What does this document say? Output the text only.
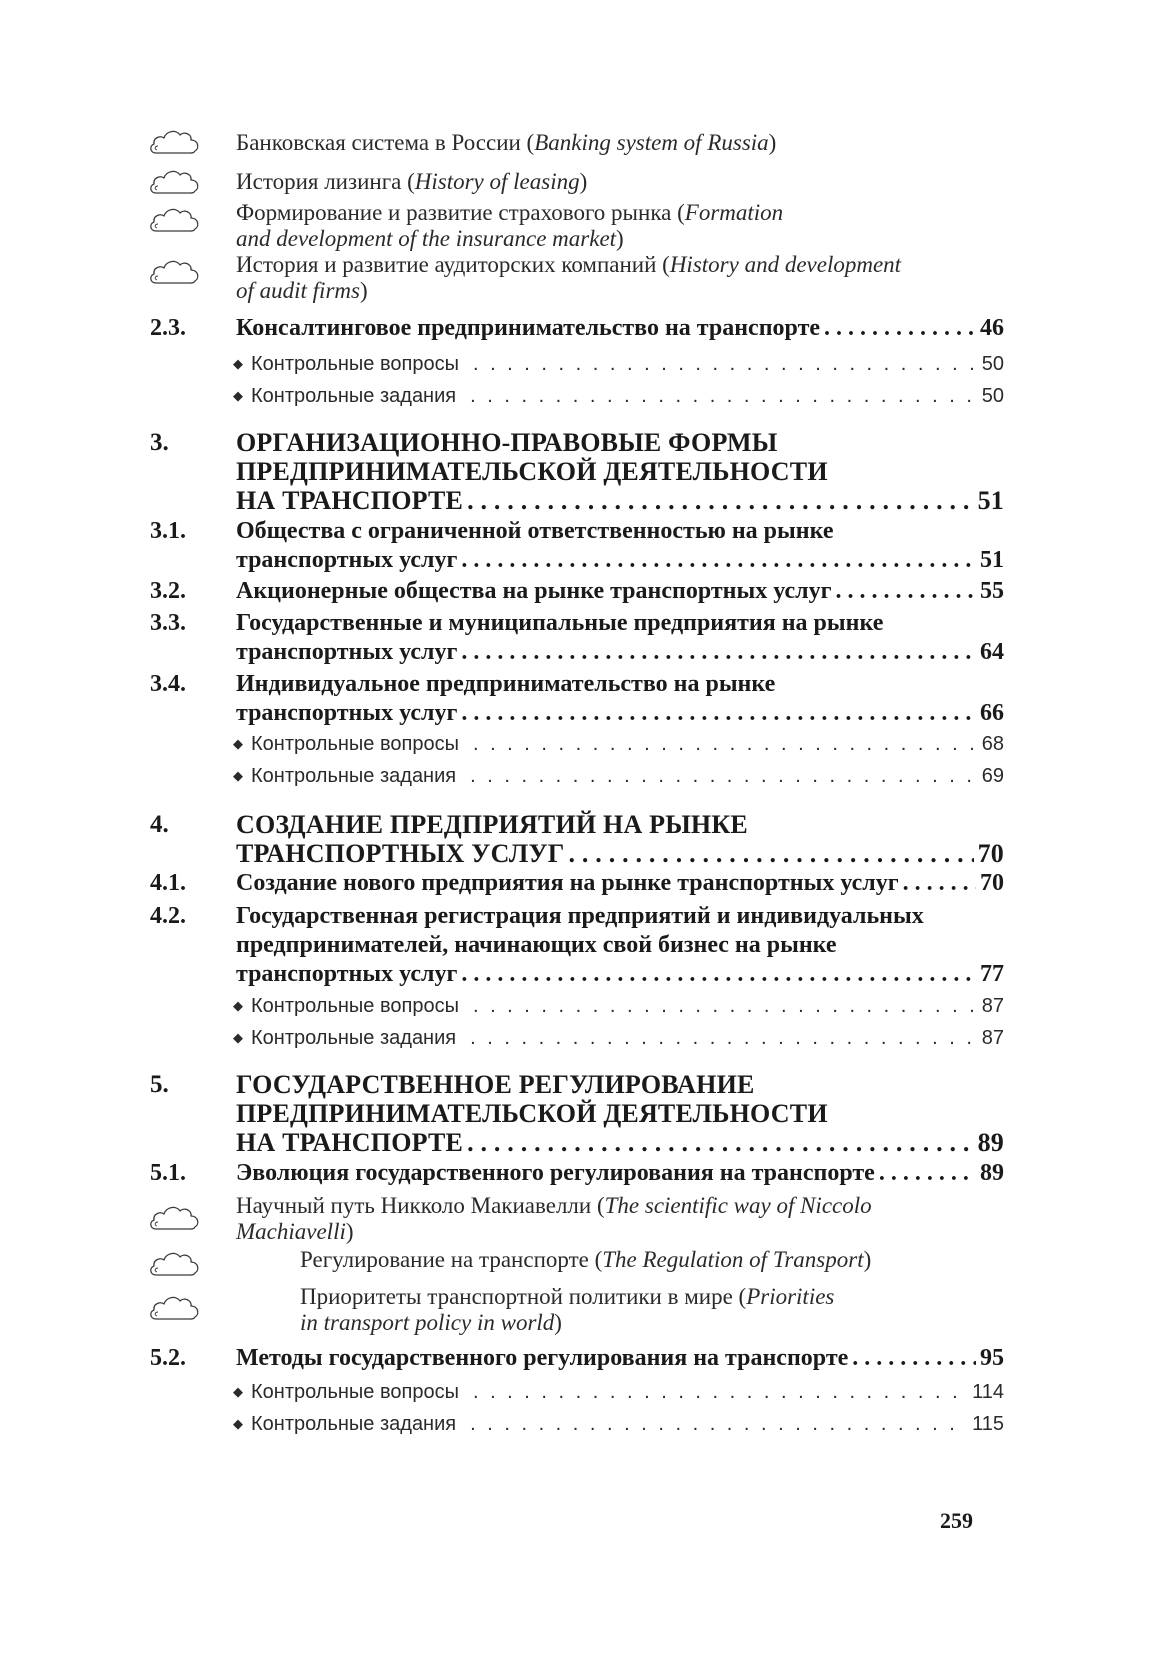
Банковская система в России (Banking system of Russia)
История лизинга (History of leasing)
Формирование и развитие страхового рынка (Formation
and development of the insurance market)
История и развитие аудиторских компаний (History and development
of audit firms)
2.3. Консалтинговое предпринимательство на транспорте . . .	46
◆ Контрольные вопросы . . .	50
◆ Контрольные задания . . .	50
3.	ОРГАНИЗАЦИОННО-ПРАВОВЫЕ ФОРМЫ
ПРЕДПРИНИМАТЕЛЬСКОЙ ДЕЯТЕЛЬНОСТИ
НА ТРАНСПОРТЕ . . .	51
3.1. Общества с ограниченной ответственностью на рынке
транспортных услуг . . .	51
3.2. Акционерные общества на рынке транспортных услуг . . .	55
3.3. Государственные и муниципальные предприятия на рынке
транспортных услуг . . .	64
3.4. Индивидуальное предпринимательство на рынке
транспортных услуг . . .	66
◆ Контрольные вопросы . . .	68
◆ Контрольные задания . . .	69
4.	СОЗДАНИЕ ПРЕДПРИЯТИЙ НА РЫНКЕ
ТРАНСПОРТНЫХ УСЛУГ . . .	70
4.1. Создание нового предприятия на рынке транспортных услуг . . .	70
4.2. Государственная регистрация предприятий и индивидуальных
предпринимателей, начинающих свой бизнес на рынке
транспортных услуг . . .	77
◆ Контрольные вопросы . . .	87
◆ Контрольные задания . . .	87
5.	ГОСУДАРСТВЕННОЕ РЕГУЛИРОВАНИЕ
ПРЕДПРИНИМАТЕЛЬСКОЙ ДЕЯТЕЛЬНОСТИ
НА ТРАНСПОРТЕ . . .	89
5.1. Эволюция государственного регулирования на транспорте . . .	89
Научный путь Никколо Макиавелли (The scientific way of Niccolo
Machiavelli)
Регулирование на транспорте (The Regulation of Transport)
Приоритеты транспортной политики в мире (Priorities
in transport policy in world)
5.2. Методы государственного регулирования на транспорте . . .	95
◆ Контрольные вопросы . . .	114
◆ Контрольные задания . . .	115
259
